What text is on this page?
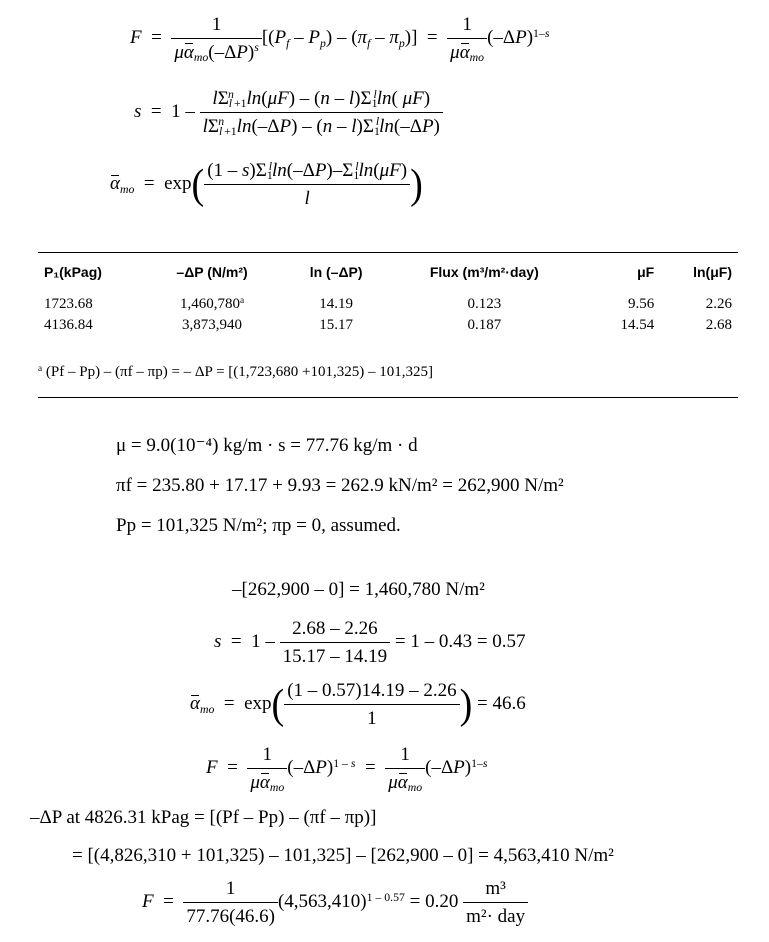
$F = \frac{1}{\mu\alpha_{mo}(-\Delta P)^s} [(P_f - P_p) - (\pi_f - \pi_p)] = \frac{1}{\mu\alpha_{mo}} (-\Delta P)^{1-s}$
$s = 1 - \frac{l\Sigma_l^n_{+1}\ln(\mu F) - (n - l)\Sigma_1^l\ln( \mu F)}{l\Sigma_l^n_{+1}\ln(-\Delta P) - (n - l)\Sigma_1^l\ln(-\Delta P)}$
$\alpha_{mo} = \exp( \frac{(1 - s)\Sigma_1^l\ln(-\Delta P)-\Sigma_1^l\ln(\mu F)}{l}$ )
P₁(kPag)	–ΔP (N/m²)	ln (–ΔP)	Flux (m³/m²·day)	μF	ln(μF)
1723.68	1,460,780$^a$	14.19	0.123	9.56	2.26
4136.84	3,873,940	15.17	0.187	14.54	2.68
$^a$ (Pf – Pp) – (πf – πp) = – ΔP = [(1,723,680 +101,325) – 101,325]
μ = 9.0(10⁻⁴) kg/m · s = 77.76 kg/m · d
πf = 235.80 + 17.17 + 9.93 = 262.9 kN/m² = 262,900 N/m²
Pp = 101,325 N/m²; πp = 0, assumed.
–[262,900 – 0] = 1,460,780 N/m²
$s = 1 - \frac{2.68 - 2.26}{15.17 - 14.19} = 1 - 0.43 = 0.57$
$\alpha_{mo} = \exp( \frac{(1 - 0.57)14.19 - 2.26}{1}$ ) = 46.6
$F = \frac{1}{\mu\alpha_{mo}} (-\Delta P)^{1 - s} = \frac{1}{\mu\alpha_{mo}} (-\Delta P)^{1-s}$
–ΔP at 4826.31 kPag = [(Pf – Pp) – (πf – πp)]
= [(4,826,310 + 101,325) – 101,325] – [262,900 – 0] = 4,563,410 N/m²
$F = \frac{1}{77.76(46.6)} (4,563,410)^{1 - 0.57} = 0.20 \frac{\text{m³}}{\text{m²· day}}$
